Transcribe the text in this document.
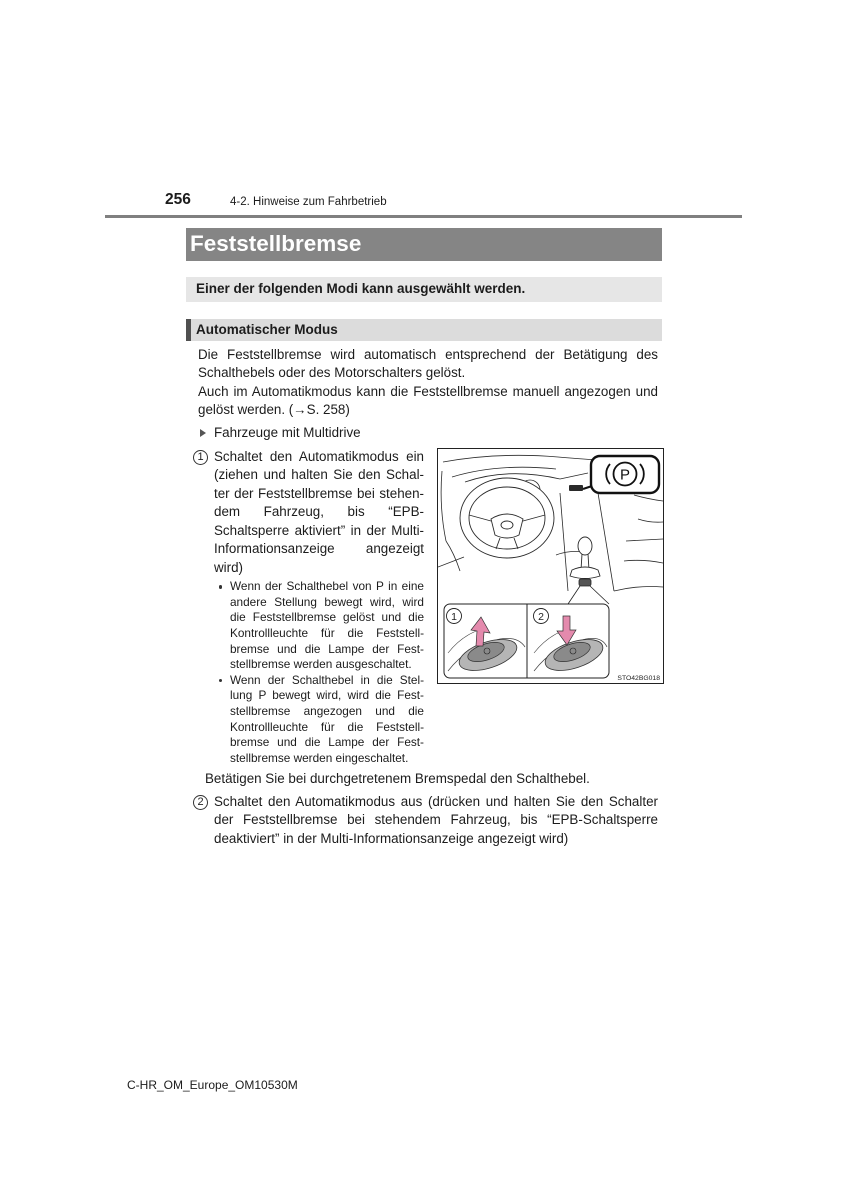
256	4-2. Hinweise zum Fahrbetrieb
Feststellbremse
Einer der folgenden Modi kann ausgewählt werden.
Automatischer Modus
Die Feststellbremse wird automatisch entsprechend der Betätigung des
Schalthebels oder des Motorschalters gelöst.
Auch im Automatikmodus kann die Feststellbremse manuell angezogen und
gelöst werden. (→S. 258)
Fahrzeuge mit Multidrive
1 Schaltet den Automatikmodus ein
(ziehen und halten Sie den Schal-
ter der Feststellbremse bei stehen-
dem Fahrzeug, bis “EPB-
Schaltsperre aktiviert” in der Multi-
Informationsanzeige angezeigt
wird)
Wenn der Schalthebel von P in eine
andere Stellung bewegt wird, wird
die Feststellbremse gelöst und die
Kontrollleuchte für die Feststell-
bremse und die Lampe der Fest-
stellbremse werden ausgeschaltet.
Wenn der Schalthebel in die Stel-
lung P bewegt wird, wird die Fest-
stellbremse angezogen und die
Kontrollleuchte für die Feststell-
bremse und die Lampe der Fest-
stellbremse werden eingeschaltet.
Betätigen Sie bei durchgetretenem Bremspedal den Schalthebel.
2 Schaltet den Automatikmodus aus (drücken und halten Sie den Schalter
der Feststellbremse bei stehendem Fahrzeug, bis “EPB-Schaltsperre
deaktiviert” in der Multi-Informationsanzeige angezeigt wird)
P
1	2
STO42BG018
C-HR_OM_Europe_OM10530M
